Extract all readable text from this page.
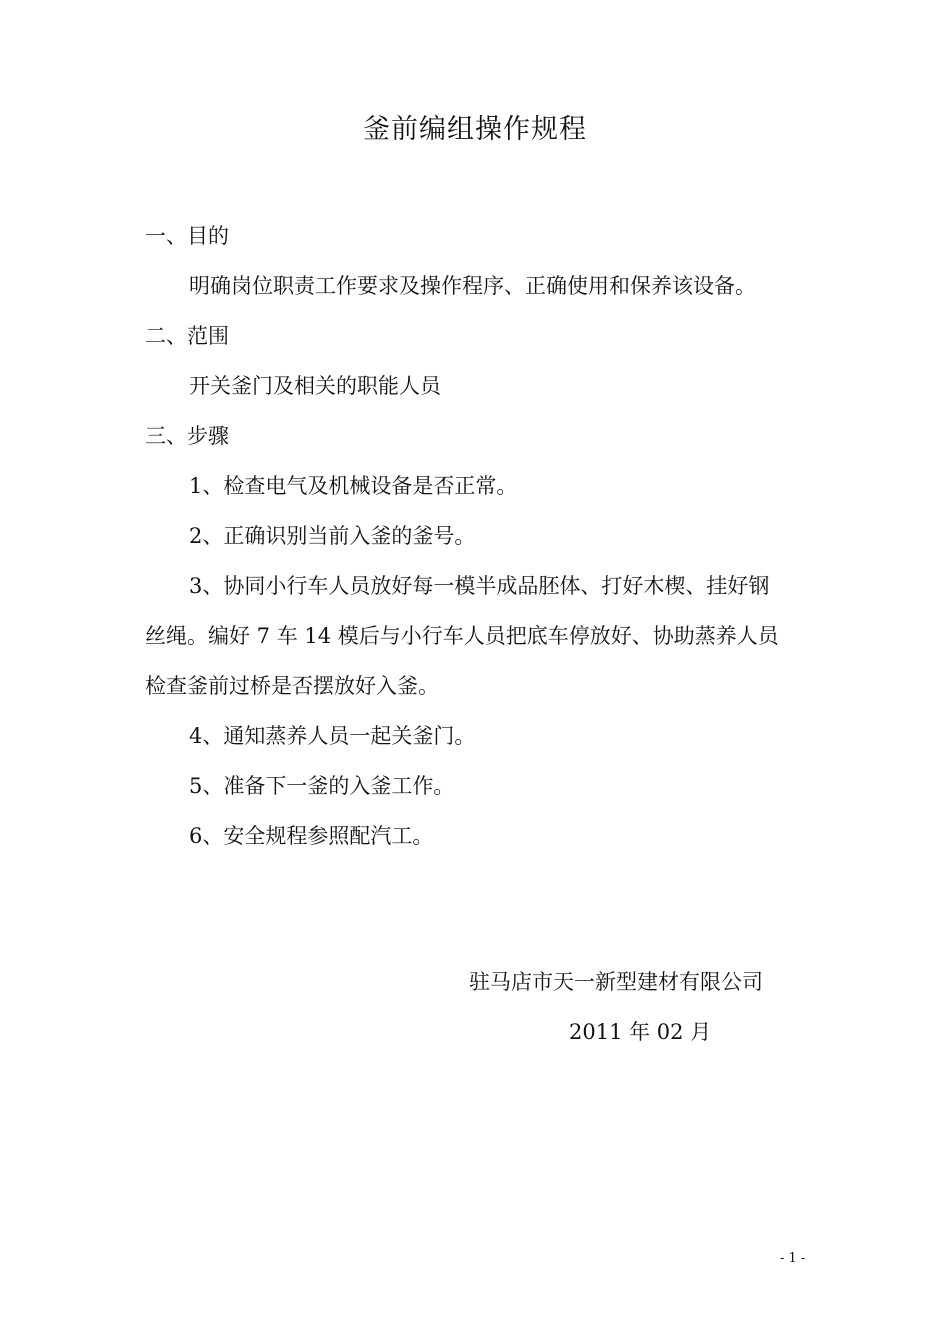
釜前编组操作规程
一、目的
明确岗位职责工作要求及操作程序、正确使用和保养该设备。
二、范围
开关釜门及相关的职能人员
三、步骤
1、检查电气及机械设备是否正常。
2、正确识别当前入釜的釜号。
3、协同小行车人员放好每一模半成品胚体、打好木楔、挂好钢
丝绳。编好 7 车 14 模后与小行车人员把底车停放好、协助蒸养人员
检查釜前过桥是否摆放好入釜。
4、通知蒸养人员一起关釜门。
5、准备下一釜的入釜工作。
6、安全规程参照配汽工。
驻马店市天一新型建材有限公司
2011 年 02 月
- 1 -
